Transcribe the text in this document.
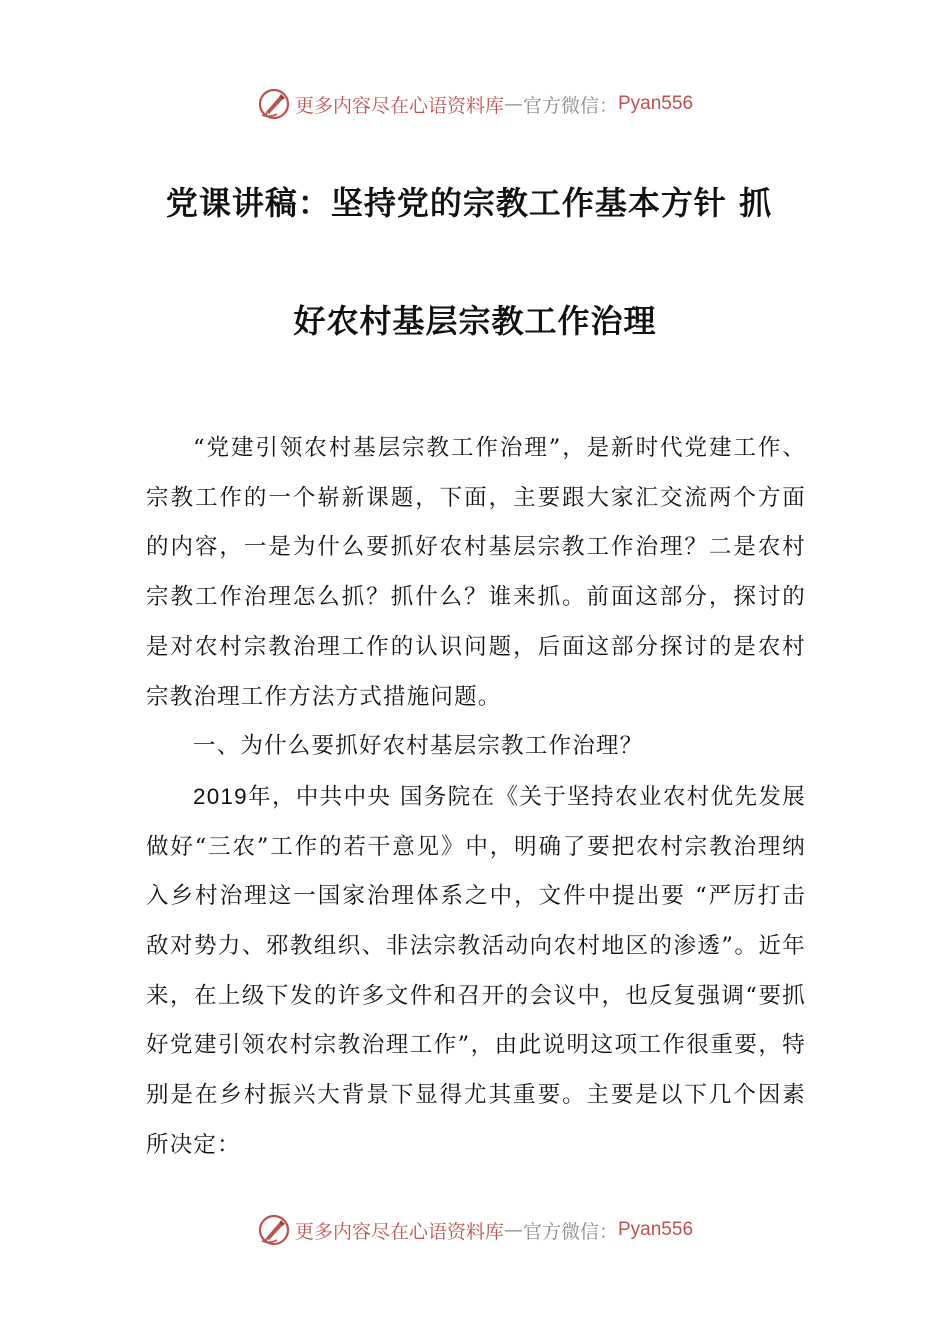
更多内容尽在心语资料库 — 官方微信： Pyan556
党课讲稿：坚持党的宗教工作基本方针 抓
好农村基层宗教工作治理

“党建引领农村基层宗教工作治理”，是新时代党建工作、宗教工作的一个崭新课题，下面，主要跟大家汇交流两个方面的内容，一是为什么要抓好农村基层宗教工作治理？二是农村宗教工作治理怎么抓？抓什么？谁来抓。前面这部分，探讨的是对农村宗教治理工作的认识问题，后面这部分探讨的是农村宗教治理工作方法方式措施问题。

一、为什么要抓好农村基层宗教工作治理？

2019年，中共中央 国务院在《关于坚持农业农村优先发展做好“三农”工作的若干意见》中，明确了要把农村宗教治理纳入乡村治理这一国家治理体系之中，文件中提出要 “严厉打击敌对势力、邪教组织、非法宗教活动向农村地区的渗透”。近年来，在上级下发的许多文件和召开的会议中，也反复强调“要抓好党建引领农村宗教治理工作”，由此说明这项工作很重要，特别是在乡村振兴大背景下显得尤其重要。主要是以下几个因素所决定：

更多内容尽在心语资料库 — 官方微信： Pyan556
